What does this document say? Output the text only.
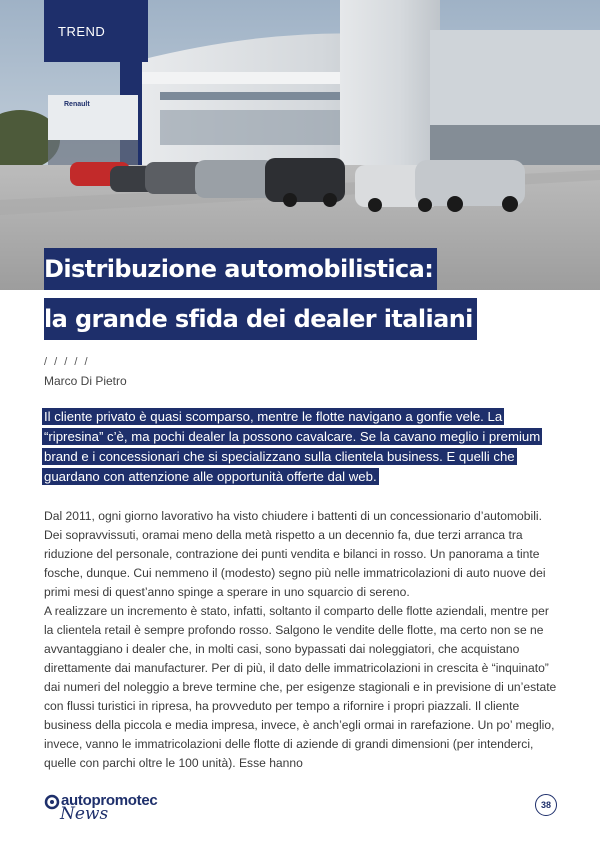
Renault
TREND
Distribuzione automobilistica:
la grande sfida dei dealer italiani
/ / / / /
Marco Di Pietro
Il cliente privato è quasi scomparso, mentre le flotte navigano a gonfie vele. La “ripresina” c’è, ma pochi dealer la possono cavalcare. Se la cavano meglio i premium brand e i concessionari che si specializzano sulla clientela business. E quelli che guardano con attenzione alle opportunità offerte dal web.

Dal 2011, ogni giorno lavorativo ha visto chiudere i battenti di un concessionario d’automobili. Dei sopravvissuti, oramai meno della metà rispetto a un decennio fa, due terzi arranca tra riduzione del personale, contrazione dei punti vendita e bilanci in rosso. Un panorama a tinte fosche, dunque. Cui nemmeno il (modesto) segno più nelle immatricolazioni di auto nuove dei primi mesi di quest’anno spinge a sperare in uno squarcio di sereno.

A realizzare un incremento è stato, infatti, soltanto il comparto delle flotte aziendali, mentre per la clientela retail è sempre profondo rosso. Salgono le vendite delle flotte, ma certo non se ne avvantaggiano i dealer che, in molti casi, sono bypassati dai noleggiatori, che acquistano direttamente dai manufacturer. Per di più, il dato delle immatricolazioni in crescita è “inquinato” dai numeri del noleggio a breve termine che, per esigenze stagionali e in previsione di un’estate con flussi turistici in ripresa, ha provveduto per tempo a rifornire i propri piazzali. Il cliente business della piccola e media impresa, invece, è anch’egli ormai in rarefazione. Un po’ meglio, invece, vanno le immatricolazioni delle flotte di aziende di grandi dimensioni (per intenderci, quelle con parchi oltre le 100 unità). Esse hanno

autopromotec
News	38
